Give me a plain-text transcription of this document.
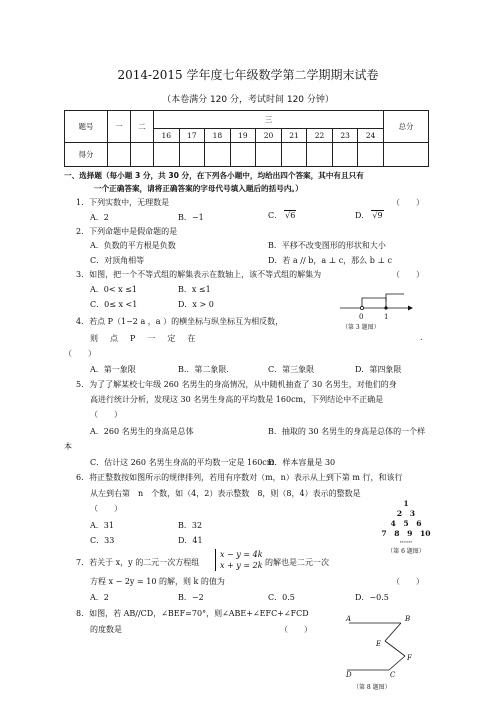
2014-2015 学年度七年级数学第二学期期末试卷
（本卷满分 120 分，考试时间 120 分钟）
题号	一	二	三									总分
			16	17	18	19	20	21	22	23	24	
得分												
一、选择题（每小题 3 分，共 30 分，在下列各小题中，均给出四个答案，其中有且只有
一个正确答案，请将正确答案的字母代号填入题后的括号内。）
1．下列实数中，无理数是	（　　）
A．2	B．−1	C． √6	D． √9
2．下列命题中是假命题的是
A．负数的平方根是负数	B．平移不改变图形的形状和大小
C．对顶角相等	D．若 a // b，a ⊥ c，那么 b ⊥ c
3．如图，把一个不等式组的解集表示在数轴上，该不等式组的解集为	（　　）
A．0< x ≤1	B．x ≤1
C．0≤ x <1	D．x > 0
0	1
（第 3 题图）
4．若点 P（1−2 a ，a ）的横坐标与纵坐标互为相反数，
则　点　P　一　定　在	.
（　　）
A．第一象限	B.．第二象限.	C．第三象限	D．第四象限
5．为了了解某校七年级 260 名男生的身高情况，从中随机抽查了 30 名男生，对他们的身
高进行统计分析，发现这 30 名男生身高的平均数是 160cm，下列结论中不正确是
（　　）
A．260 名男生的身高是总体	B．抽取的 30 名男生的身高是总体的一个样
本
C．估计这 260 名男生身高的平均数一定是 160cm
D．样本容量是 30
6．将正整数按如图所示的规律排列，若用有序数对（m，n）表示从上到下第 m 行，和该行
从左到右第　n　个数，如（4，2）表示整数　8，则（8，4）表示的整数是
（　　）
A．31	B．32
C．33	D．41
1
2　3
4　5　6
7　8　9　10
······
（第 6 题图）
7．若关于 x，y 的二元一次方程组
x − y = 4k
x + y = 2k 的解也是二元一次
方程 x − 2y = 10 的解，则 k 的值为	（　　）
A．2	B．−2	C．0.5	D．−0.5
8．如图，若 AB//CD，∠BEF=70°，则∠ABE+∠EFC+∠FCD
的度数是	（　　）
A	B
E
F
D	C
（第 8 题图）
